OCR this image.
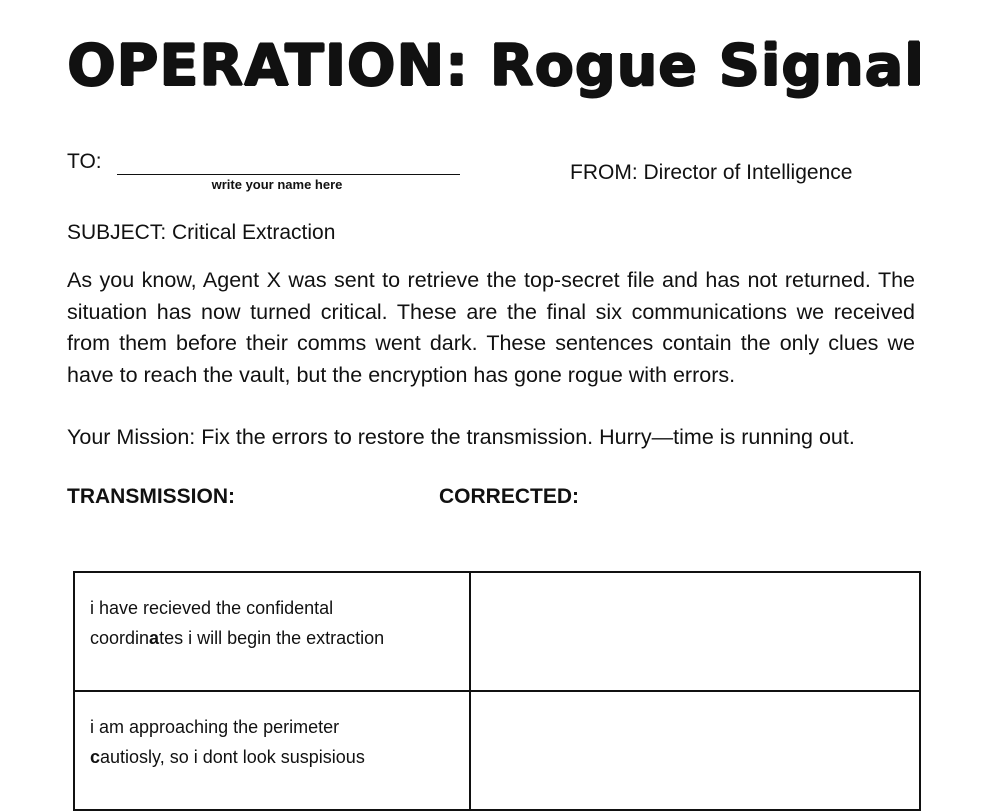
OPERATION: Rogue Signal
TO:
write your name here
FROM: Director of Intelligence
SUBJECT: Critical Extraction

As you know, Agent X was sent to retrieve the top-secret file and has not returned. The situation has now turned critical. These are the final six communications we received from them before their comms went dark. These sentences contain the only clues we have to reach the vault, but the encryption has gone rogue with errors.

Your Mission: Fix the errors to restore the transmission. Hurry—time is running out.
TRANSMISSION:	CORRECTED:
i have recieved the confidental
coordinates i will begin the extraction	
i am approaching the perimeter
cautiosly, so i dont look suspisious	
